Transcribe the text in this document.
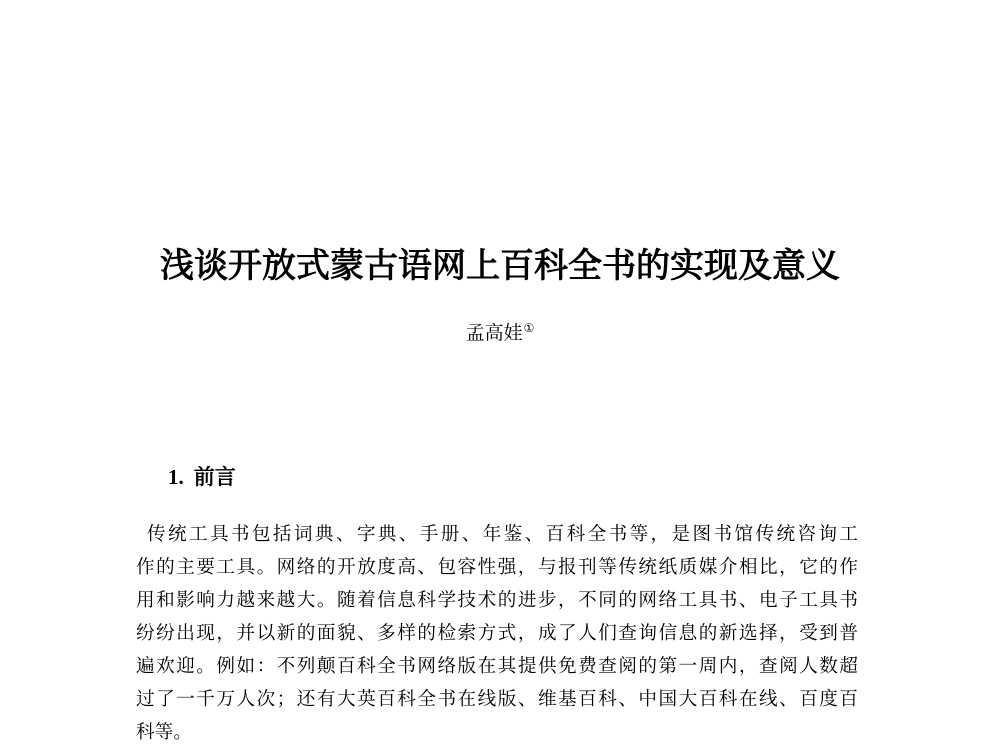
浅谈开放式蒙古语网上百科全书的实现及意义

孟高娃①

1. 前言
传统工具书包括词典、字典、手册、年鉴、百科全书等，是图书馆传统咨询工
作的主要工具。网络的开放度高、包容性强，与报刊等传统纸质媒介相比，它的作
用和影响力越来越大。随着信息科学技术的进步，不同的网络工具书、电子工具书
纷纷出现，并以新的面貌、多样的检索方式，成了人们查询信息的新选择，受到普
遍欢迎。例如：不列颠百科全书网络版在其提供免费查阅的第一周内，查阅人数超
过了一千万人次；还有大英百科全书在线版、维基百科、中国大百科在线、百度百
科等。
